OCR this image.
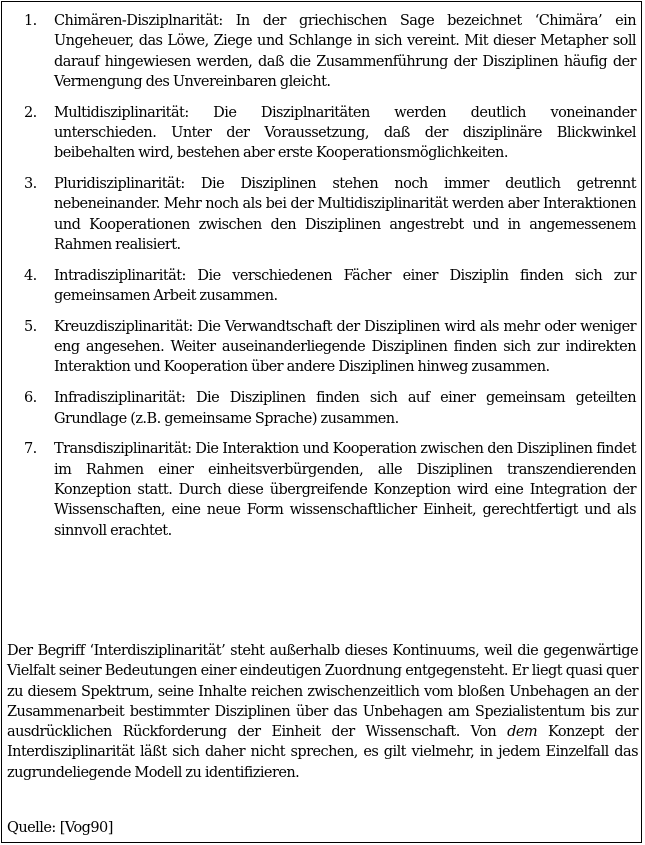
1.	Chimären-Disziplnarität: In der griechischen Sage bezeichnet ‘Chimära’ ein Ungeheuer, das Löwe, Ziege und Schlange in sich vereint. Mit dieser Metapher soll darauf hingewiesen werden, daß die Zusammenführung der Disziplinen häufig der Vermengung des Unvereinbaren gleicht.
2.	Multidisziplinarität: Die Disziplnaritäten werden deutlich voneinander unterschieden. Unter der Voraussetzung, daß der disziplinäre Blickwinkel beibehalten wird, bestehen aber erste Kooperationsmöglichkeiten.
3.	Pluridisziplinarität: Die Disziplinen stehen noch immer deutlich getrennt nebeneinander. Mehr noch als bei der Multidisziplinarität werden aber Interaktionen und Kooperationen zwischen den Disziplinen angestrebt und in angemessenem Rahmen realisiert.
4.	Intradisziplinarität: Die verschiedenen Fächer einer Disziplin finden sich zur gemeinsamen Arbeit zusammen.
5.	Kreuzdisziplinarität: Die Verwandtschaft der Disziplinen wird als mehr oder weniger eng angesehen. Weiter auseinanderliegende Disziplinen finden sich zur indirekten Interaktion und Kooperation über andere Disziplinen hinweg zusammen.
6.	Infradisziplinarität: Die Disziplinen finden sich auf einer gemeinsam geteilten Grundlage (z.B. gemeinsame Sprache) zusammen.
7.	Transdisziplinarität: Die Interaktion und Kooperation zwischen den Disziplinen findet im Rahmen einer einheitsverbürgenden, alle Disziplinen transzendierenden Konzeption statt. Durch diese übergreifende Konzeption wird eine Integration der Wissenschaften, eine neue Form wissenschaftlicher Einheit, gerechtfertigt und als sinnvoll erachtet.

Der Begriff ‘Interdisziplinarität’ steht außerhalb dieses Kontinuums, weil die gegenwärtige Vielfalt seiner Bedeutungen einer eindeutigen Zuordnung entgegensteht. Er liegt quasi quer zu diesem Spektrum, seine Inhalte reichen zwischenzeitlich vom bloßen Unbehagen an der Zusammenarbeit bestimmter Disziplinen über das Unbehagen am Spezialistentum bis zur ausdrücklichen Rückforderung der Einheit der Wissenschaft. Von dem Konzept der Interdisziplinarität läßt sich daher nicht sprechen, es gilt vielmehr, in jedem Einzelfall das zugrundeliegende Modell zu identifizieren.

Quelle: [Vog90]
